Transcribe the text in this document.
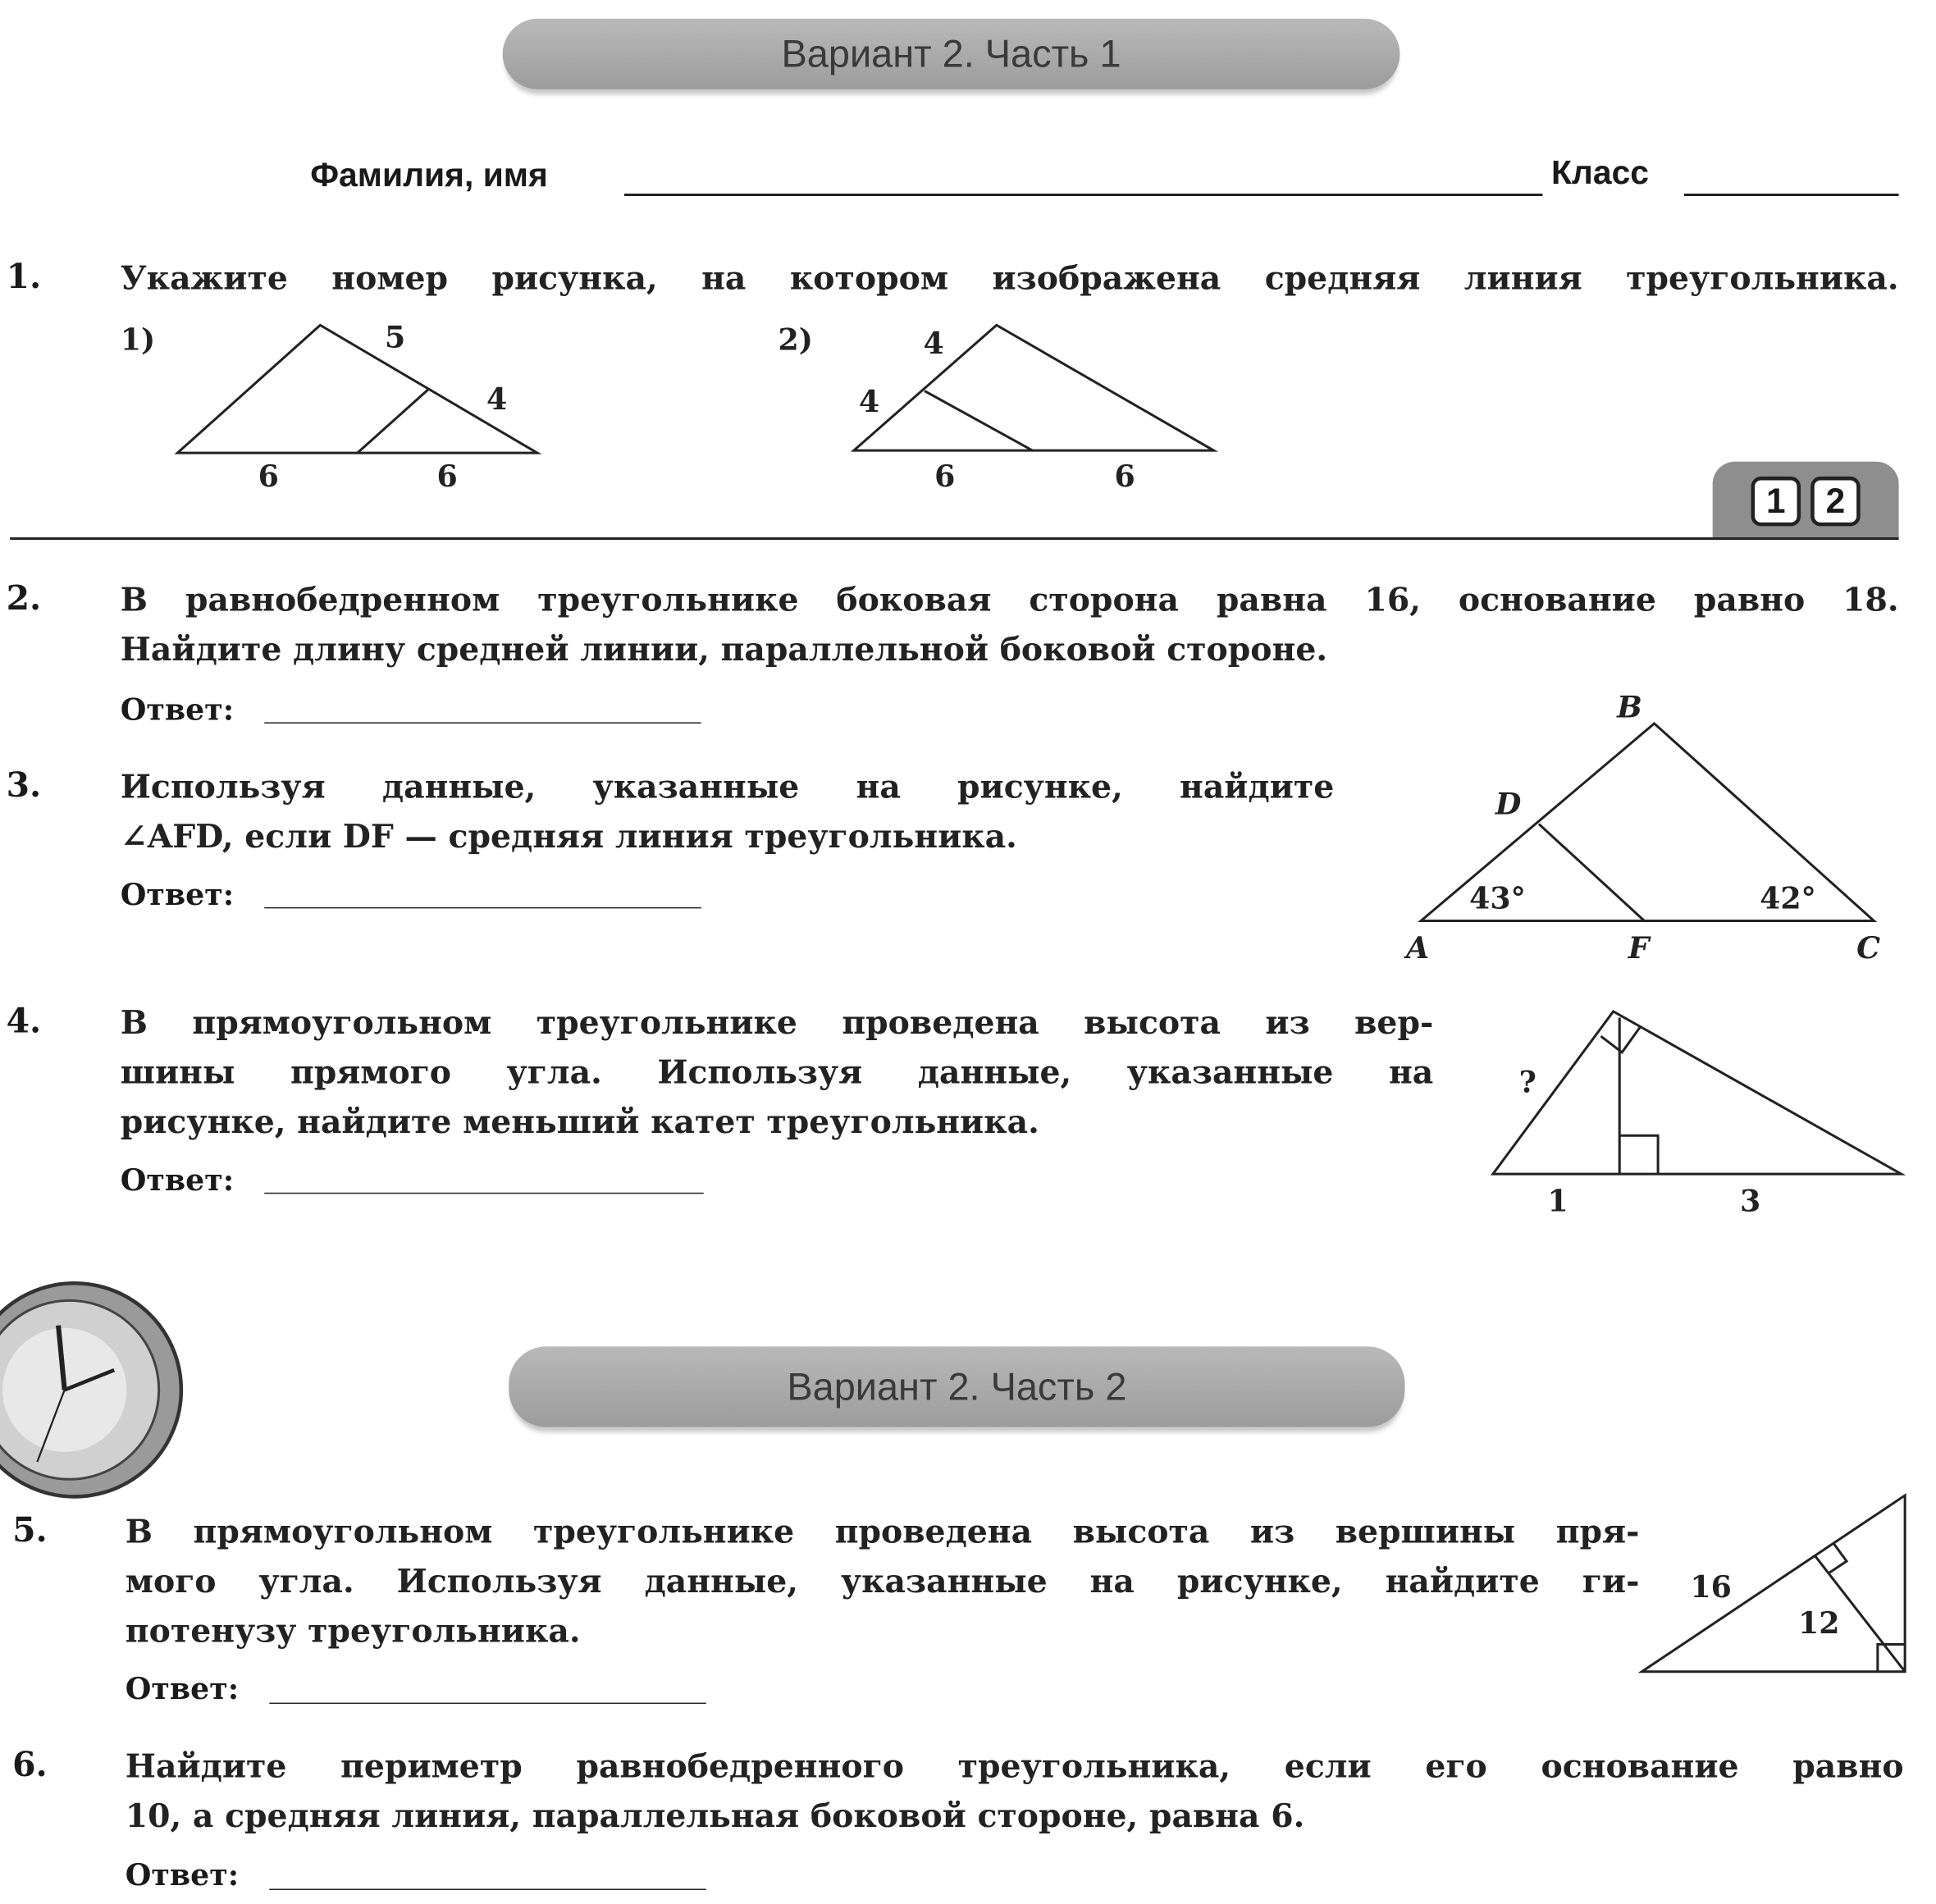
Вариант 2. Часть 1
Фамилия, имя	Класс
1.	Укажите номер рисунка, на котором изображена средняя линия треугольника.
1)	5
4
6	6
2)	4
4
6	6
1	2
2.	В равнобедренном треугольнике боковая сторона равна 16, основание равно 18.
Найдите длину средней линии, параллельной боковой стороне.
Ответ:
3.	Используя данные, указанные на рисунке, найдите
∠AFD, если DF — средняя линия треугольника.
Ответ:
B
D
A	F	C
43°	42°
4.	В прямоугольном треугольнике проведена высота из вер-
шины прямого угла. Используя данные, указанные на
рисунке, найдите меньший катет треугольника.
Ответ:
?
1	3
Вариант 2. Часть 2
5.	В прямоугольном треугольнике проведена высота из вершины пря-
мого угла. Используя данные, указанные на рисунке, найдите ги-
потенузу треугольника.
Ответ:
16
12
6.	Найдите периметр равнобедренного треугольника, если его основание равно
10, а средняя линия, параллельная боковой стороне, равна 6.
Ответ:
